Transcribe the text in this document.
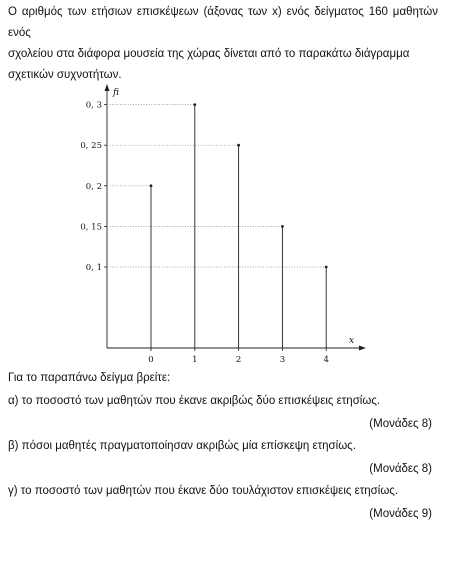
Ο αριθμός των ετήσιων επισκέψεων (άξονας των x) ενός δείγματος 160 μαθητών ενός
σχολείου στα διάφορα μουσεία της χώρας δίνεται από το παρακάτω διάγραμμα
σχετικών συχνοτήτων.
fi
x
0, 1
0, 15
0, 2
0, 25
0, 3
0	1	2	3	4
Για το παραπάνω δείγμα βρείτε:
α) το ποσοστό των μαθητών που έκανε ακριβώς δύο επισκέψεις ετησίως.
(Μονάδες 8)
β) πόσοι μαθητές πραγματοποίησαν ακριβώς μία επίσκεψη ετησίως.
(Μονάδες 8)
γ) το ποσοστό των μαθητών που έκανε δύο τουλάχιστον επισκέψεις ετησίως.
(Μονάδες 9)
